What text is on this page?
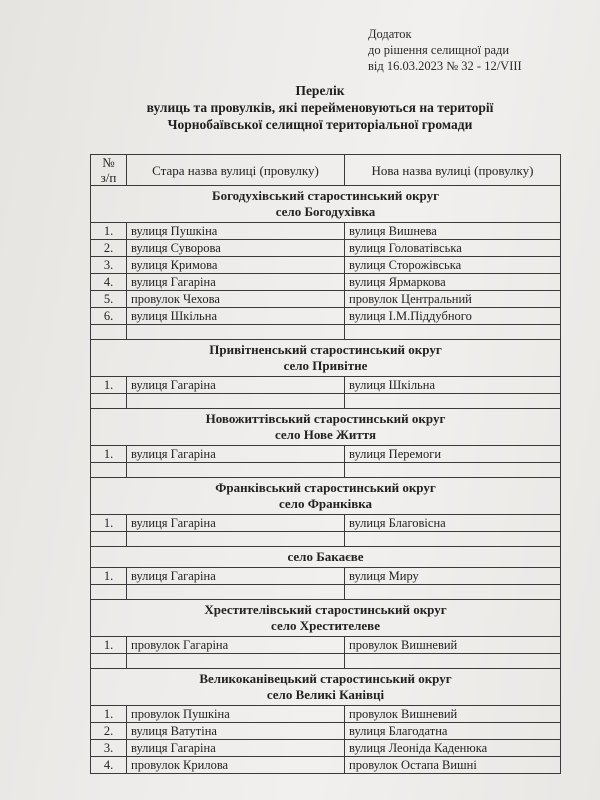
Додаток
до рішення селищної ради
від 16.03.2023 № 32 - 12/VIII
Перелік
вулиць та провулків, які перейменовуються на території
Чорнобаївської селищної територіальної громади
№
з/п	Стара назва вулиці (провулку)	Нова назва вулиці (провулку)

Богодухівський старостинський округ
село Богодухівка		

1.	вулиця Пушкіна	вулиця Вишнева
2.	вулиця Суворова	вулиця Головатівська
3.	вулиця Кримова	вулиця Сторожівська
4.	вулиця Гагаріна	вулиця Ярмаркова
5.	провулок Чехова	провулок Центральний
6.	вулиця Шкільна	вулиця І.М.Піддубного

Привітненський старостинський округ
село Привітне		

1.	вулиця Гагаріна	вулиця Шкільна

Новожиттівський старостинський округ
село Нове Життя		

1.	вулиця Гагаріна	вулиця Перемоги

Франківський старостинський округ
село Франківка		

1.	вулиця Гагаріна	вулиця Благовісна

село Бакаєве		

1.	вулиця Гагаріна	вулиця Миру

Хрестителівський старостинський округ
село Хрестителеве		

1.	провулок Гагаріна	провулок Вишневий

Великоканівецький старостинський округ
село Великі Канівці		

1.	провулок Пушкіна	провулок Вишневий
2.	вулиця Ватутіна	вулиця Благодатна
3.	вулиця Гагаріна	вулиця Леоніда Каденюка
4.	провулок Крилова	провулок Остапа Вишні
